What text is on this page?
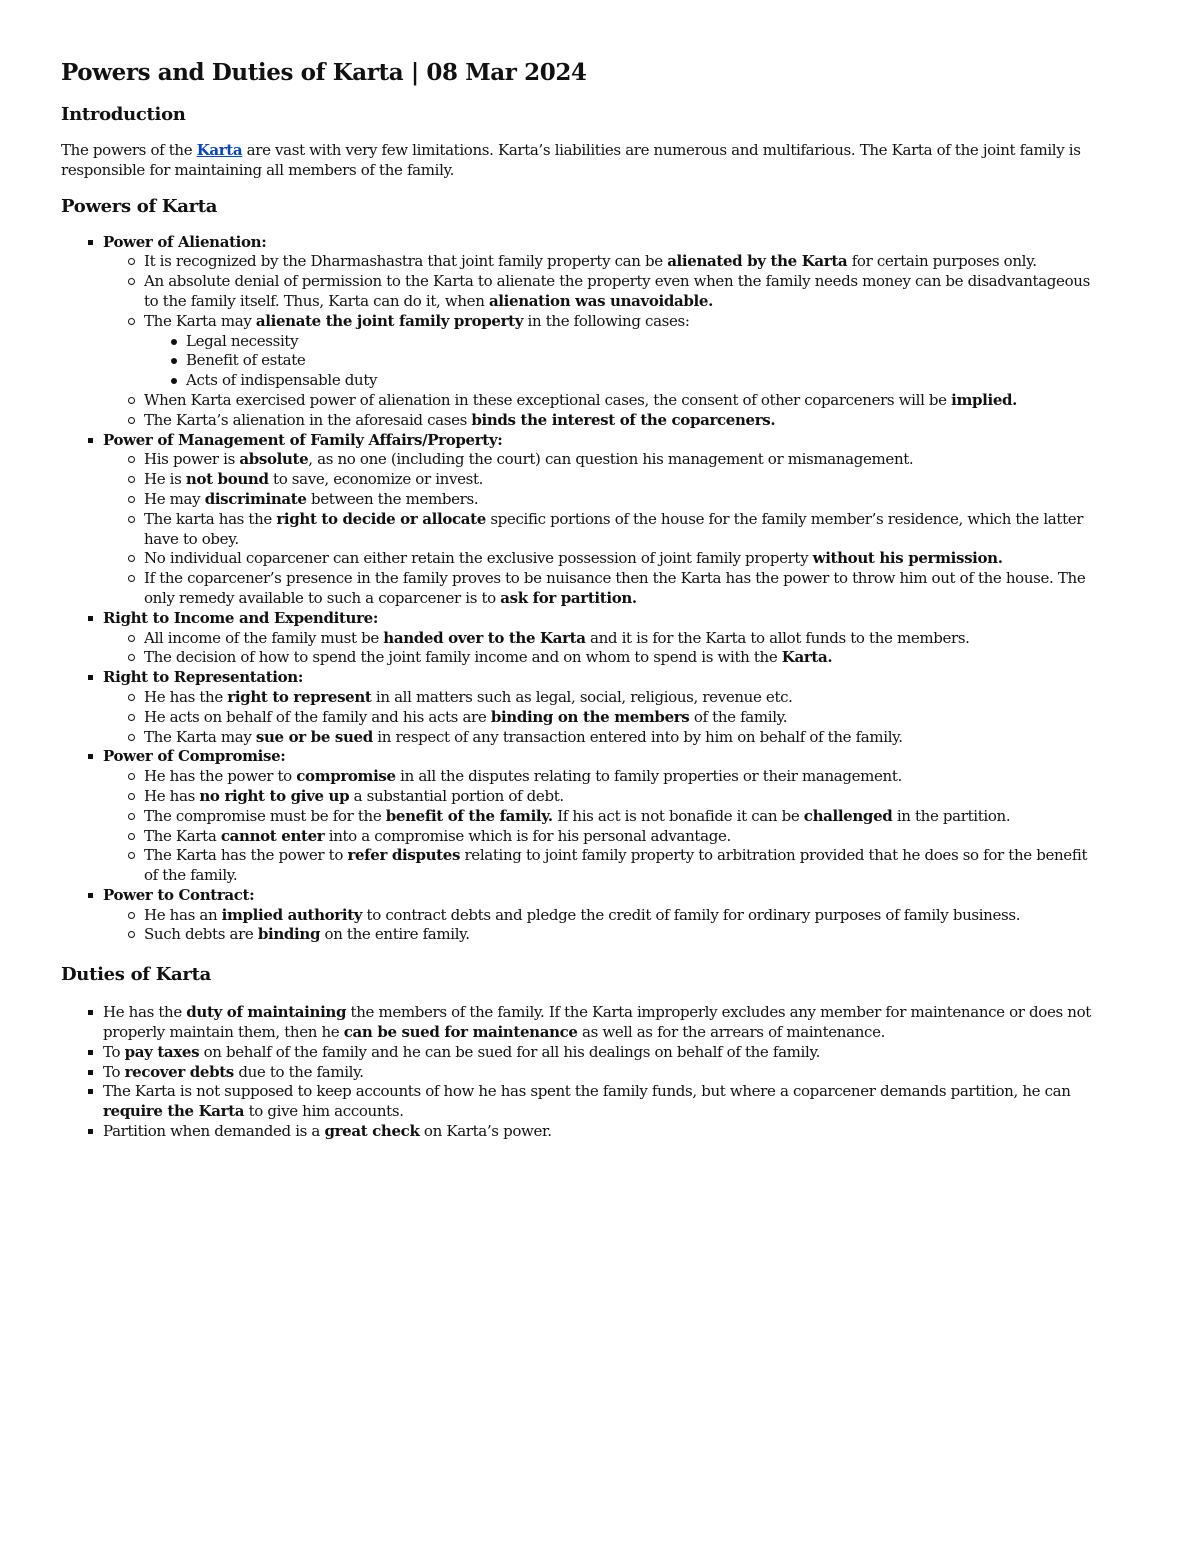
Powers and Duties of Karta | 08 Mar 2024
Introduction

The powers of the Karta are vast with very few limitations. Karta’s liabilities are numerous and multifarious. The Karta of the joint family is responsible for maintaining all members of the family.

Powers of Karta
Power of Alienation:
It is recognized by the Dharmashastra that joint family property can be alienated by the Karta for certain purposes only.
An absolute denial of permission to the Karta to alienate the property even when the family needs money can be disadvantageous to the family itself. Thus, Karta can do it, when alienation was unavoidable.
The Karta may alienate the joint family property in the following cases:
Legal necessity
Benefit of estate
Acts of indispensable duty
When Karta exercised power of alienation in these exceptional cases, the consent of other coparceners will be implied.
The Karta’s alienation in the aforesaid cases binds the interest of the coparceners.
Power of Management of Family Affairs/Property:
His power is absolute, as no one (including the court) can question his management or mismanagement.
He is not bound to save, economize or invest.
He may discriminate between the members.
The karta has the right to decide or allocate specific portions of the house for the family member’s residence, which the latter have to obey.
No individual coparcener can either retain the exclusive possession of joint family property without his permission.
If the coparcener’s presence in the family proves to be nuisance then the Karta has the power to throw him out of the house. The only remedy available to such a coparcener is to ask for partition.
Right to Income and Expenditure:
All income of the family must be handed over to the Karta and it is for the Karta to allot funds to the members.
The decision of how to spend the joint family income and on whom to spend is with the Karta.
Right to Representation:
He has the right to represent in all matters such as legal, social, religious, revenue etc.
He acts on behalf of the family and his acts are binding on the members of the family.
The Karta may sue or be sued in respect of any transaction entered into by him on behalf of the family.
Power of Compromise:
He has the power to compromise in all the disputes relating to family properties or their management.
He has no right to give up a substantial portion of debt.
The compromise must be for the benefit of the family. If his act is not bonafide it can be challenged in the partition.
The Karta cannot enter into a compromise which is for his personal advantage.
The Karta has the power to refer disputes relating to joint family property to arbitration provided that he does so for the benefit of the family.
Power to Contract:
He has an implied authority to contract debts and pledge the credit of family for ordinary purposes of family business.
Such debts are binding on the entire family.
Duties of Karta
He has the duty of maintaining the members of the family. If the Karta improperly excludes any member for maintenance or does not properly maintain them, then he can be sued for maintenance as well as for the arrears of maintenance.
To pay taxes on behalf of the family and he can be sued for all his dealings on behalf of the family.
To recover debts due to the family.
The Karta is not supposed to keep accounts of how he has spent the family funds, but where a coparcener demands partition, he can require the Karta to give him accounts.
Partition when demanded is a great check on Karta’s power.
